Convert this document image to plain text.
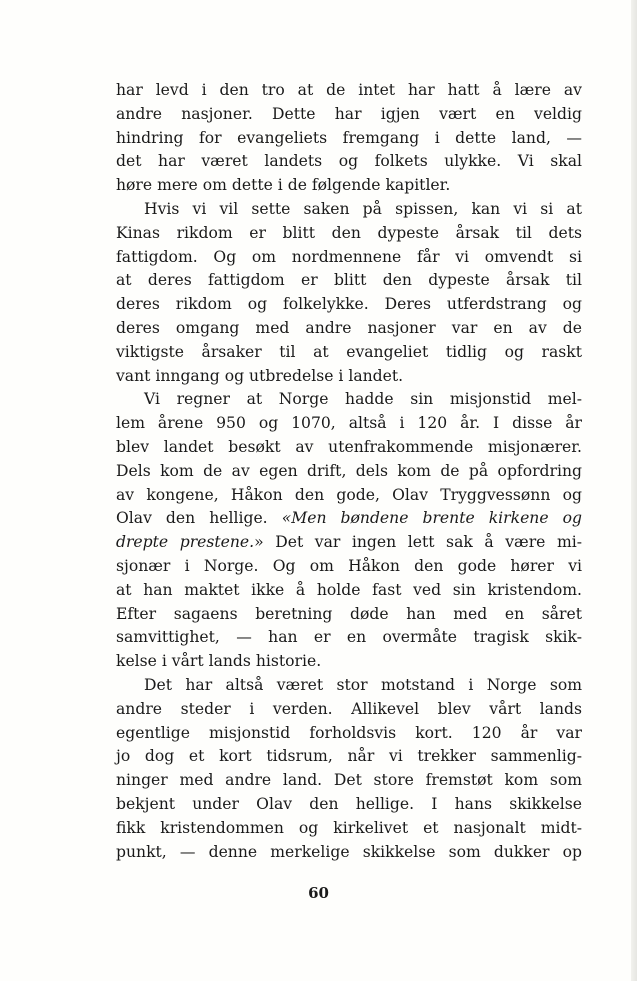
har levd i den tro at de intet har hatt å lære av
andre nasjoner. Dette har igjen vært en veldig
hindring for evangeliets fremgang i dette land, —
det har været landets og folkets ulykke. Vi skal
høre mere om dette i de følgende kapitler.
Hvis vi vil sette saken på spissen, kan vi si at
Kinas rikdom er blitt den dypeste årsak til dets
fattigdom. Og om nordmennene får vi omvendt si
at deres fattigdom er blitt den dypeste årsak til
deres rikdom og folkelykke. Deres utferdstrang og
deres omgang med andre nasjoner var en av de
viktigste årsaker til at evangeliet tidlig og raskt
vant inngang og utbredelse i landet.
Vi regner at Norge hadde sin misjonstid mel-
lem årene 950 og 1070, altså i 120 år. I disse år
blev landet besøkt av utenfrakommende misjonærer.
Dels kom de av egen drift, dels kom de på opfordring
av kongene, Håkon den gode, Olav Tryggvessønn og
Olav den hellige. «Men bøndene brente kirkene og
drepte prestene.» Det var ingen lett sak å være mi-
sjonær i Norge. Og om Håkon den gode hører vi
at han maktet ikke å holde fast ved sin kristendom.
Efter sagaens beretning døde han med en såret
samvittighet, — han er en overmåte tragisk skik-
kelse i vårt lands historie.
Det har altså været stor motstand i Norge som
andre steder i verden. Allikevel blev vårt lands
egentlige misjonstid forholdsvis kort. 120 år var
jo dog et kort tidsrum, når vi trekker sammenlig-
ninger med andre land. Det store fremstøt kom som
bekjent under Olav den hellige. I hans skikkelse
fikk kristendommen og kirkelivet et nasjonalt midt-
punkt, — denne merkelige skikkelse som dukker op
60
